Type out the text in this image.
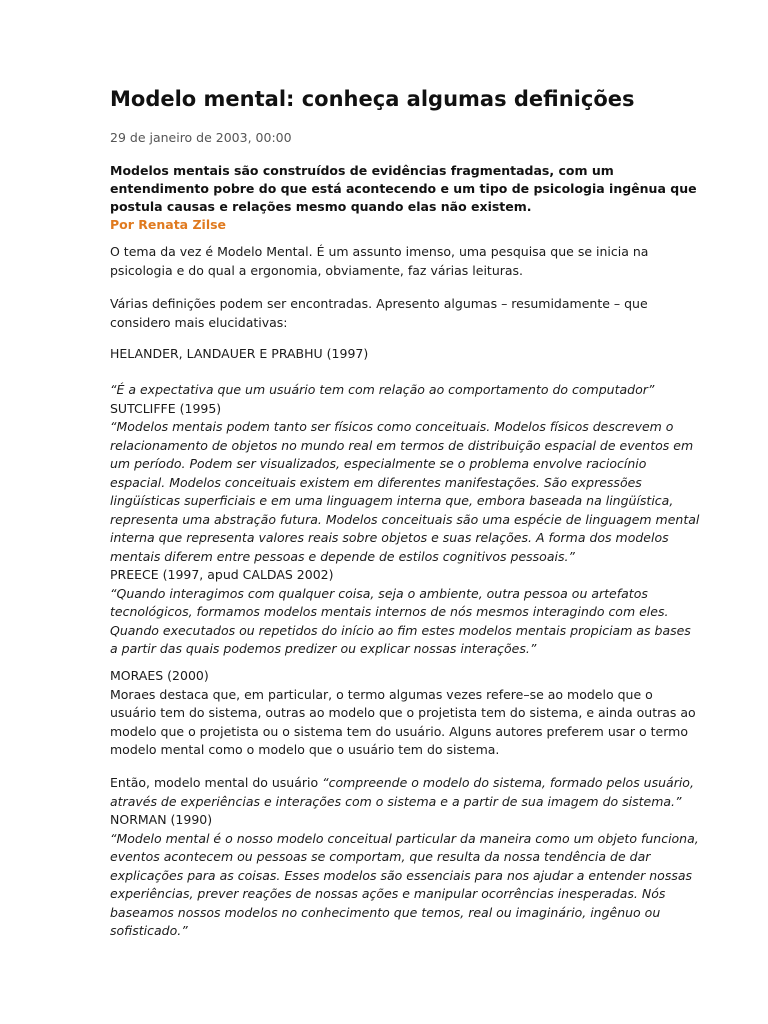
Modelo mental: conheça algumas definições
29 de janeiro de 2003, 00:00
Modelos mentais são construídos de evidências fragmentadas, com um
entendimento pobre do que está acontecendo e um tipo de psicologia ingênua que
postula causas e relações mesmo quando elas não existem.
Por Renata Zilse
O tema da vez é Modelo Mental. É um assunto imenso, uma pesquisa que se inicia na
psicologia e do qual a ergonomia, obviamente, faz várias leituras.
Várias definições podem ser encontradas. Apresento algumas – resumidamente – que
considero mais elucidativas:
HELANDER, LANDAUER E PRABHU (1997)
“É a expectativa que um usuário tem com relação ao comportamento do computador”
SUTCLIFFE (1995)
“Modelos mentais podem tanto ser físicos como conceituais. Modelos físicos descrevem o
relacionamento de objetos no mundo real em termos de distribuição espacial de eventos em
um período. Podem ser visualizados, especialmente se o problema envolve raciocínio
espacial. Modelos conceituais existem em diferentes manifestações. São expressões
lingüísticas superficiais e em uma linguagem interna que, embora baseada na lingüística,
representa uma abstração futura. Modelos conceituais são uma espécie de linguagem mental
interna que representa valores reais sobre objetos e suas relações. A forma dos modelos
mentais diferem entre pessoas e depende de estilos cognitivos pessoais.”
PREECE (1997, apud CALDAS 2002)
“Quando interagimos com qualquer coisa, seja o ambiente, outra pessoa ou artefatos
tecnológicos, formamos modelos mentais internos de nós mesmos interagindo com eles.
Quando executados ou repetidos do início ao fim estes modelos mentais propiciam as bases
a partir das quais podemos predizer ou explicar nossas interações.”
MORAES (2000)
Moraes destaca que, em particular, o termo algumas vezes refere–se ao modelo que o
usuário tem do sistema, outras ao modelo que o projetista tem do sistema, e ainda outras ao
modelo que o projetista ou o sistema tem do usuário. Alguns autores preferem usar o termo
modelo mental como o modelo que o usuário tem do sistema.
Então, modelo mental do usuário “compreende o modelo do sistema, formado pelos usuário,
através de experiências e interações com o sistema e a partir de sua imagem do sistema.”
NORMAN (1990)
“Modelo mental é o nosso modelo conceitual particular da maneira como um objeto funciona,
eventos acontecem ou pessoas se comportam, que resulta da nossa tendência de dar
explicações para as coisas. Esses modelos são essenciais para nos ajudar a entender nossas
experiências, prever reações de nossas ações e manipular ocorrências inesperadas. Nós
baseamos nossos modelos no conhecimento que temos, real ou imaginário, ingênuo ou
sofisticado.”
